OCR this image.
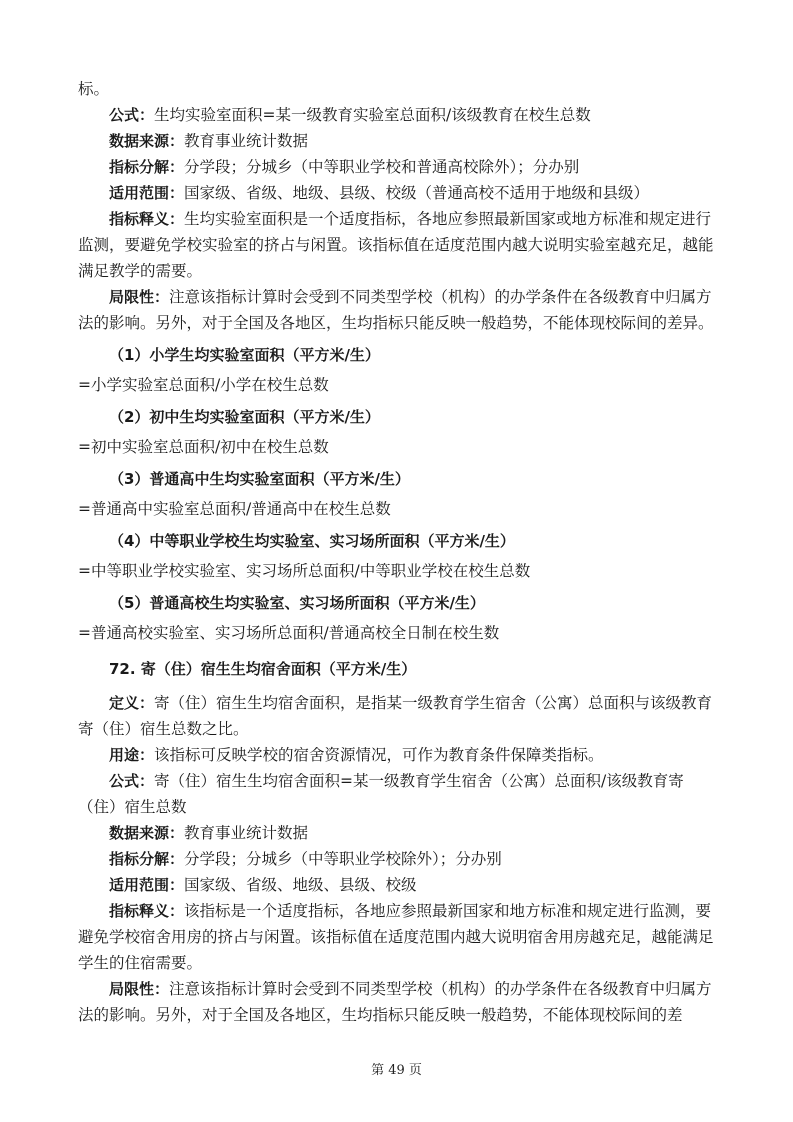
标。

公式：生均实验室面积=某一级教育实验室总面积/该级教育在校生总数

数据来源：教育事业统计数据

指标分解：分学段；分城乡（中等职业学校和普通高校除外）；分办别

适用范围：国家级、省级、地级、县级、校级（普通高校不适用于地级和县级）

指标释义：生均实验室面积是一个适度指标，各地应参照最新国家或地方标准和规定进行监测，要避免学校实验室的挤占与闲置。该指标值在适度范围内越大说明实验室越充足，越能满足教学的需要。

局限性：注意该指标计算时会受到不同类型学校（机构）的办学条件在各级教育中归属方法的影响。另外，对于全国及各地区，生均指标只能反映一般趋势，不能体现校际间的差异。

（1）小学生均实验室面积（平方米/生）

=小学实验室总面积/小学在校生总数

（2）初中生均实验室面积（平方米/生）

=初中实验室总面积/初中在校生总数

（3）普通高中生均实验室面积（平方米/生）

=普通高中实验室总面积/普通高中在校生总数

（4）中等职业学校生均实验室、实习场所面积（平方米/生）

=中等职业学校实验室、实习场所总面积/中等职业学校在校生总数

（5）普通高校生均实验室、实习场所面积（平方米/生）

=普通高校实验室、实习场所总面积/普通高校全日制在校生数

72. 寄（住）宿生生均宿舍面积（平方米/生）

定义：寄（住）宿生生均宿舍面积，是指某一级教育学生宿舍（公寓）总面积与该级教育寄（住）宿生总数之比。

用途：该指标可反映学校的宿舍资源情况，可作为教育条件保障类指标。

公式：寄（住）宿生生均宿舍面积=某一级教育学生宿舍（公寓）总面积/该级教育寄（住）宿生总数

数据来源：教育事业统计数据

指标分解：分学段；分城乡（中等职业学校除外）；分办别

适用范围：国家级、省级、地级、县级、校级

指标释义：该指标是一个适度指标，各地应参照最新国家和地方标准和规定进行监测，要避免学校宿舍用房的挤占与闲置。该指标值在适度范围内越大说明宿舍用房越充足，越能满足学生的住宿需要。

局限性：注意该指标计算时会受到不同类型学校（机构）的办学条件在各级教育中归属方法的影响。另外，对于全国及各地区，生均指标只能反映一般趋势，不能体现校际间的差

第 49 页
